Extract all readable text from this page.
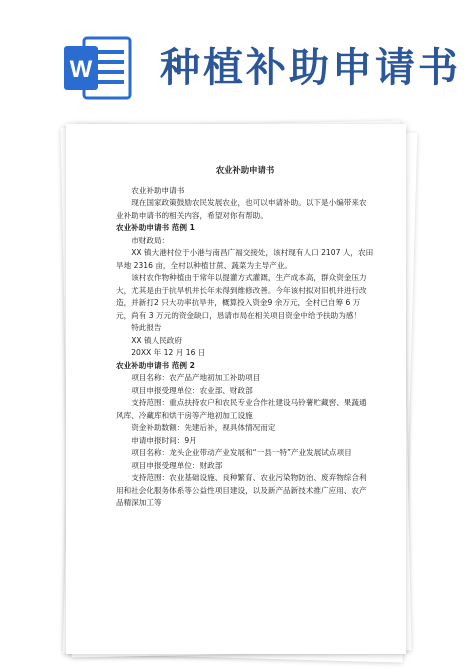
W 种植补助申请书
农业补助申请书

农业补助申请书

现在国家政策鼓励农民发展农业，也可以申请补助。以下是小编带来农业补助申请书的相关内容，希望对你有帮助。

农业补助申请书 范例 1

市财政局：

XX 镇大港村位于小港与南昌广福交接处，该村现有人口 2107 人，农田旱地 2316 亩，全村以种植甘蔗、蔬菜为主导产业。

该村农作物种植由于常年以提灌方式灌溉，生产成本高，群众资金压力大，尤其是由于抗旱机井长年未得到维修改善。今年该村拟对旧机井进行改造，并新打2 只大功率抗旱井，概算投入资金9 余万元，全村已自筹 6 万元，尚有 3 万元的资金缺口，恳请市局在相关项目资金中给予扶助为感！

特此报告

XX 镇人民政府

20XX 年 12 月 16 日

农业补助申请书 范例 2

项目名称：农产品产地初加工补助项目

项目申报受理单位：农业部、财政部

支持范围：重点扶持农户和农民专业合作社建设马铃薯贮藏窖、果蔬通风库、冷藏库和烘干房等产地初加工设施

资金补助数额：先建后补，视具体情况而定

申请申报时间：9月

项目名称：龙头企业带动产业发展和“一县一特”产业发展试点项目

项目申报受理单位：财政部

支持范围：农业基础设施、良种繁育、农业污染物防治、废弃物综合利用和社会化服务体系等公益性项目建设，以及新产品新技术推广应用、农产品精深加工等
